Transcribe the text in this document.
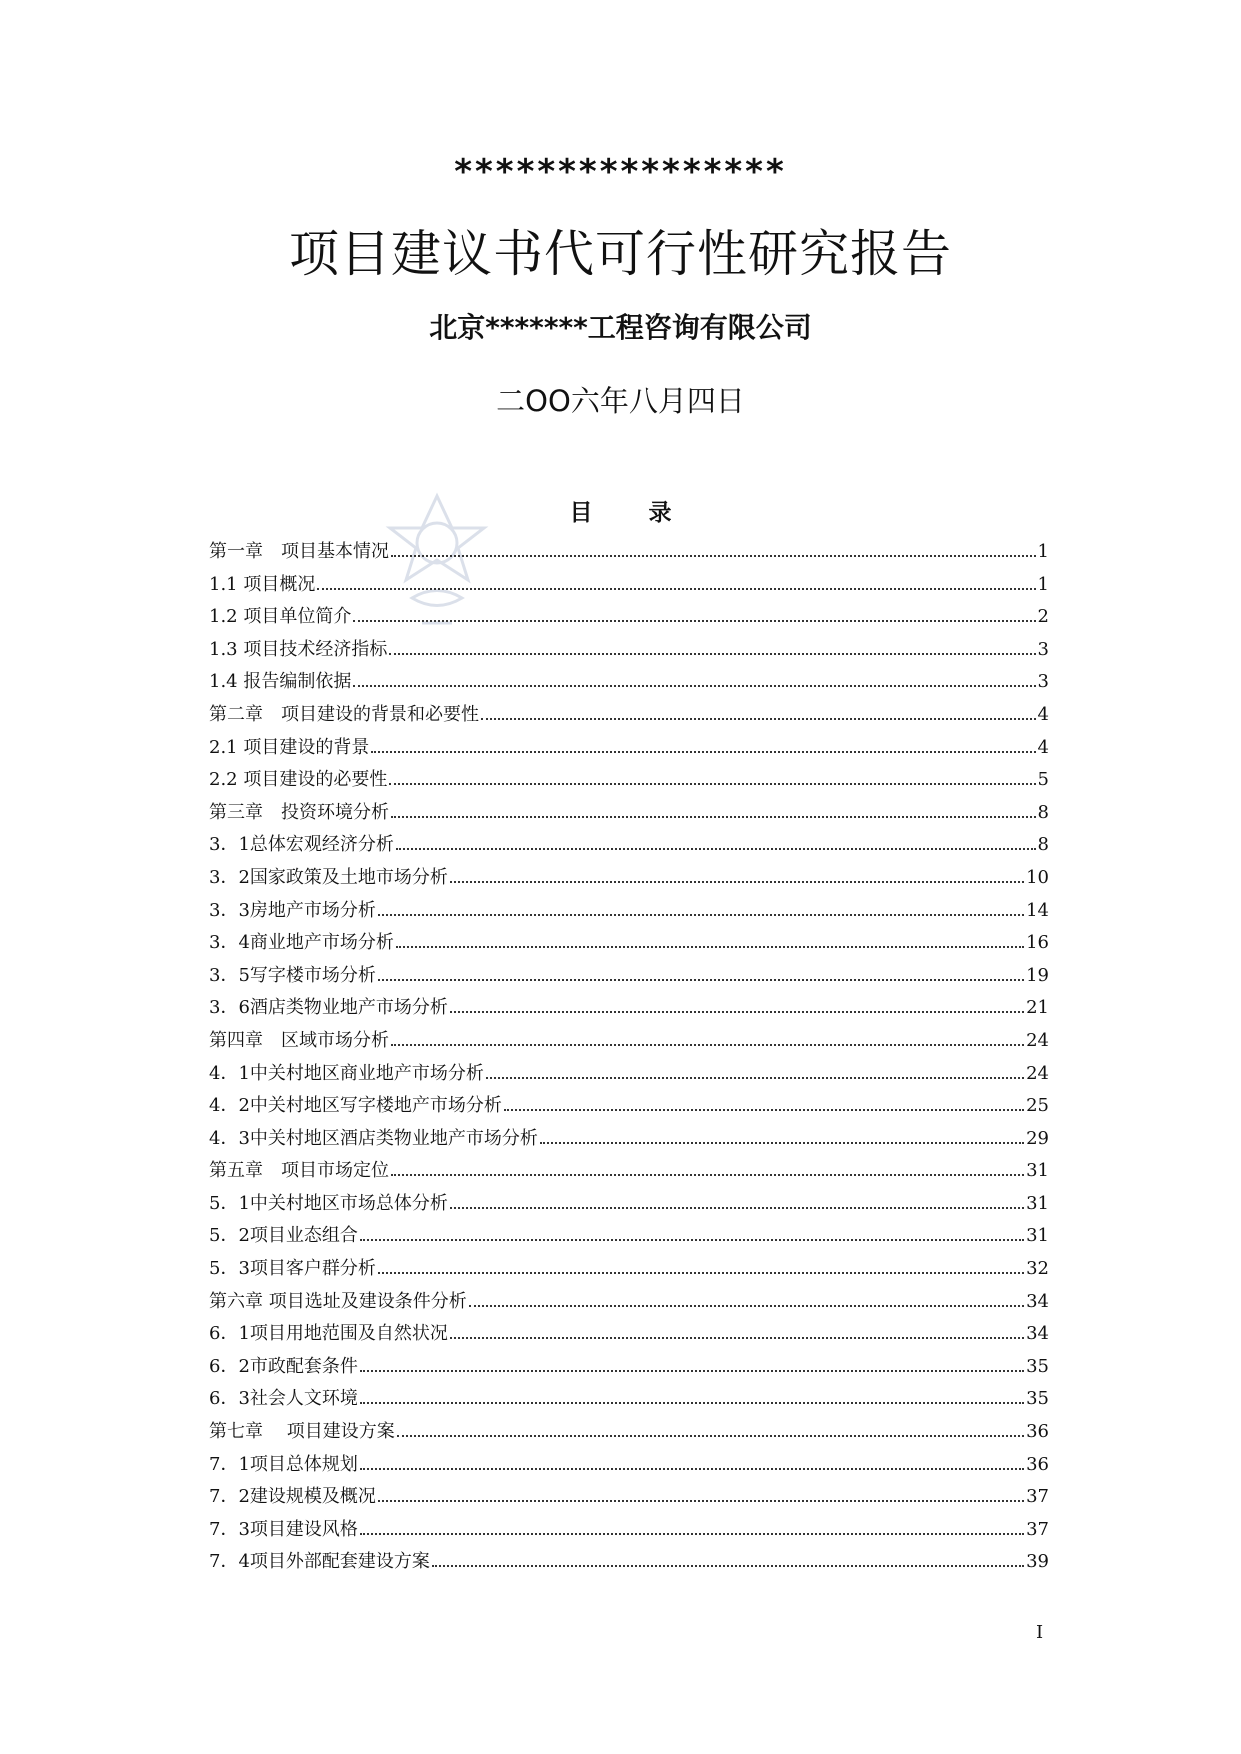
****************
项目建议书代可行性研究报告
北京*******工程咨询有限公司
二OO六年八月四日
目录
第一章　项目基本情况	1
1.1 项目概况	1
1.2 项目单位简介	2
1.3 项目技术经济指标	3
1.4 报告编制依据	3
第二章　项目建设的背景和必要性	4
2.1 项目建设的背景	4
2.2 项目建设的必要性	5
第三章　投资环境分析	8
3．1总体宏观经济分析	8
3．2国家政策及土地市场分析	10
3．3房地产市场分析	14
3．4商业地产市场分析	16
3．5写字楼市场分析	19
3．6酒店类物业地产市场分析	21
第四章　区域市场分析	24
4．1中关村地区商业地产市场分析	24
4．2中关村地区写字楼地产市场分析	25
4．3中关村地区酒店类物业地产市场分析	29
第五章　项目市场定位	31
5．1中关村地区市场总体分析	31
5．2项目业态组合	31
5．3项目客户群分析	32
第六章 项目选址及建设条件分析	34
6．1项目用地范围及自然状况	34
6．2市政配套条件	35
6．3社会人文环境	35
第七章　 项目建设方案	36
7．1项目总体规划	36
7．2建设规模及概况	37
7．3项目建设风格	37
7．4项目外部配套建设方案	39
I
